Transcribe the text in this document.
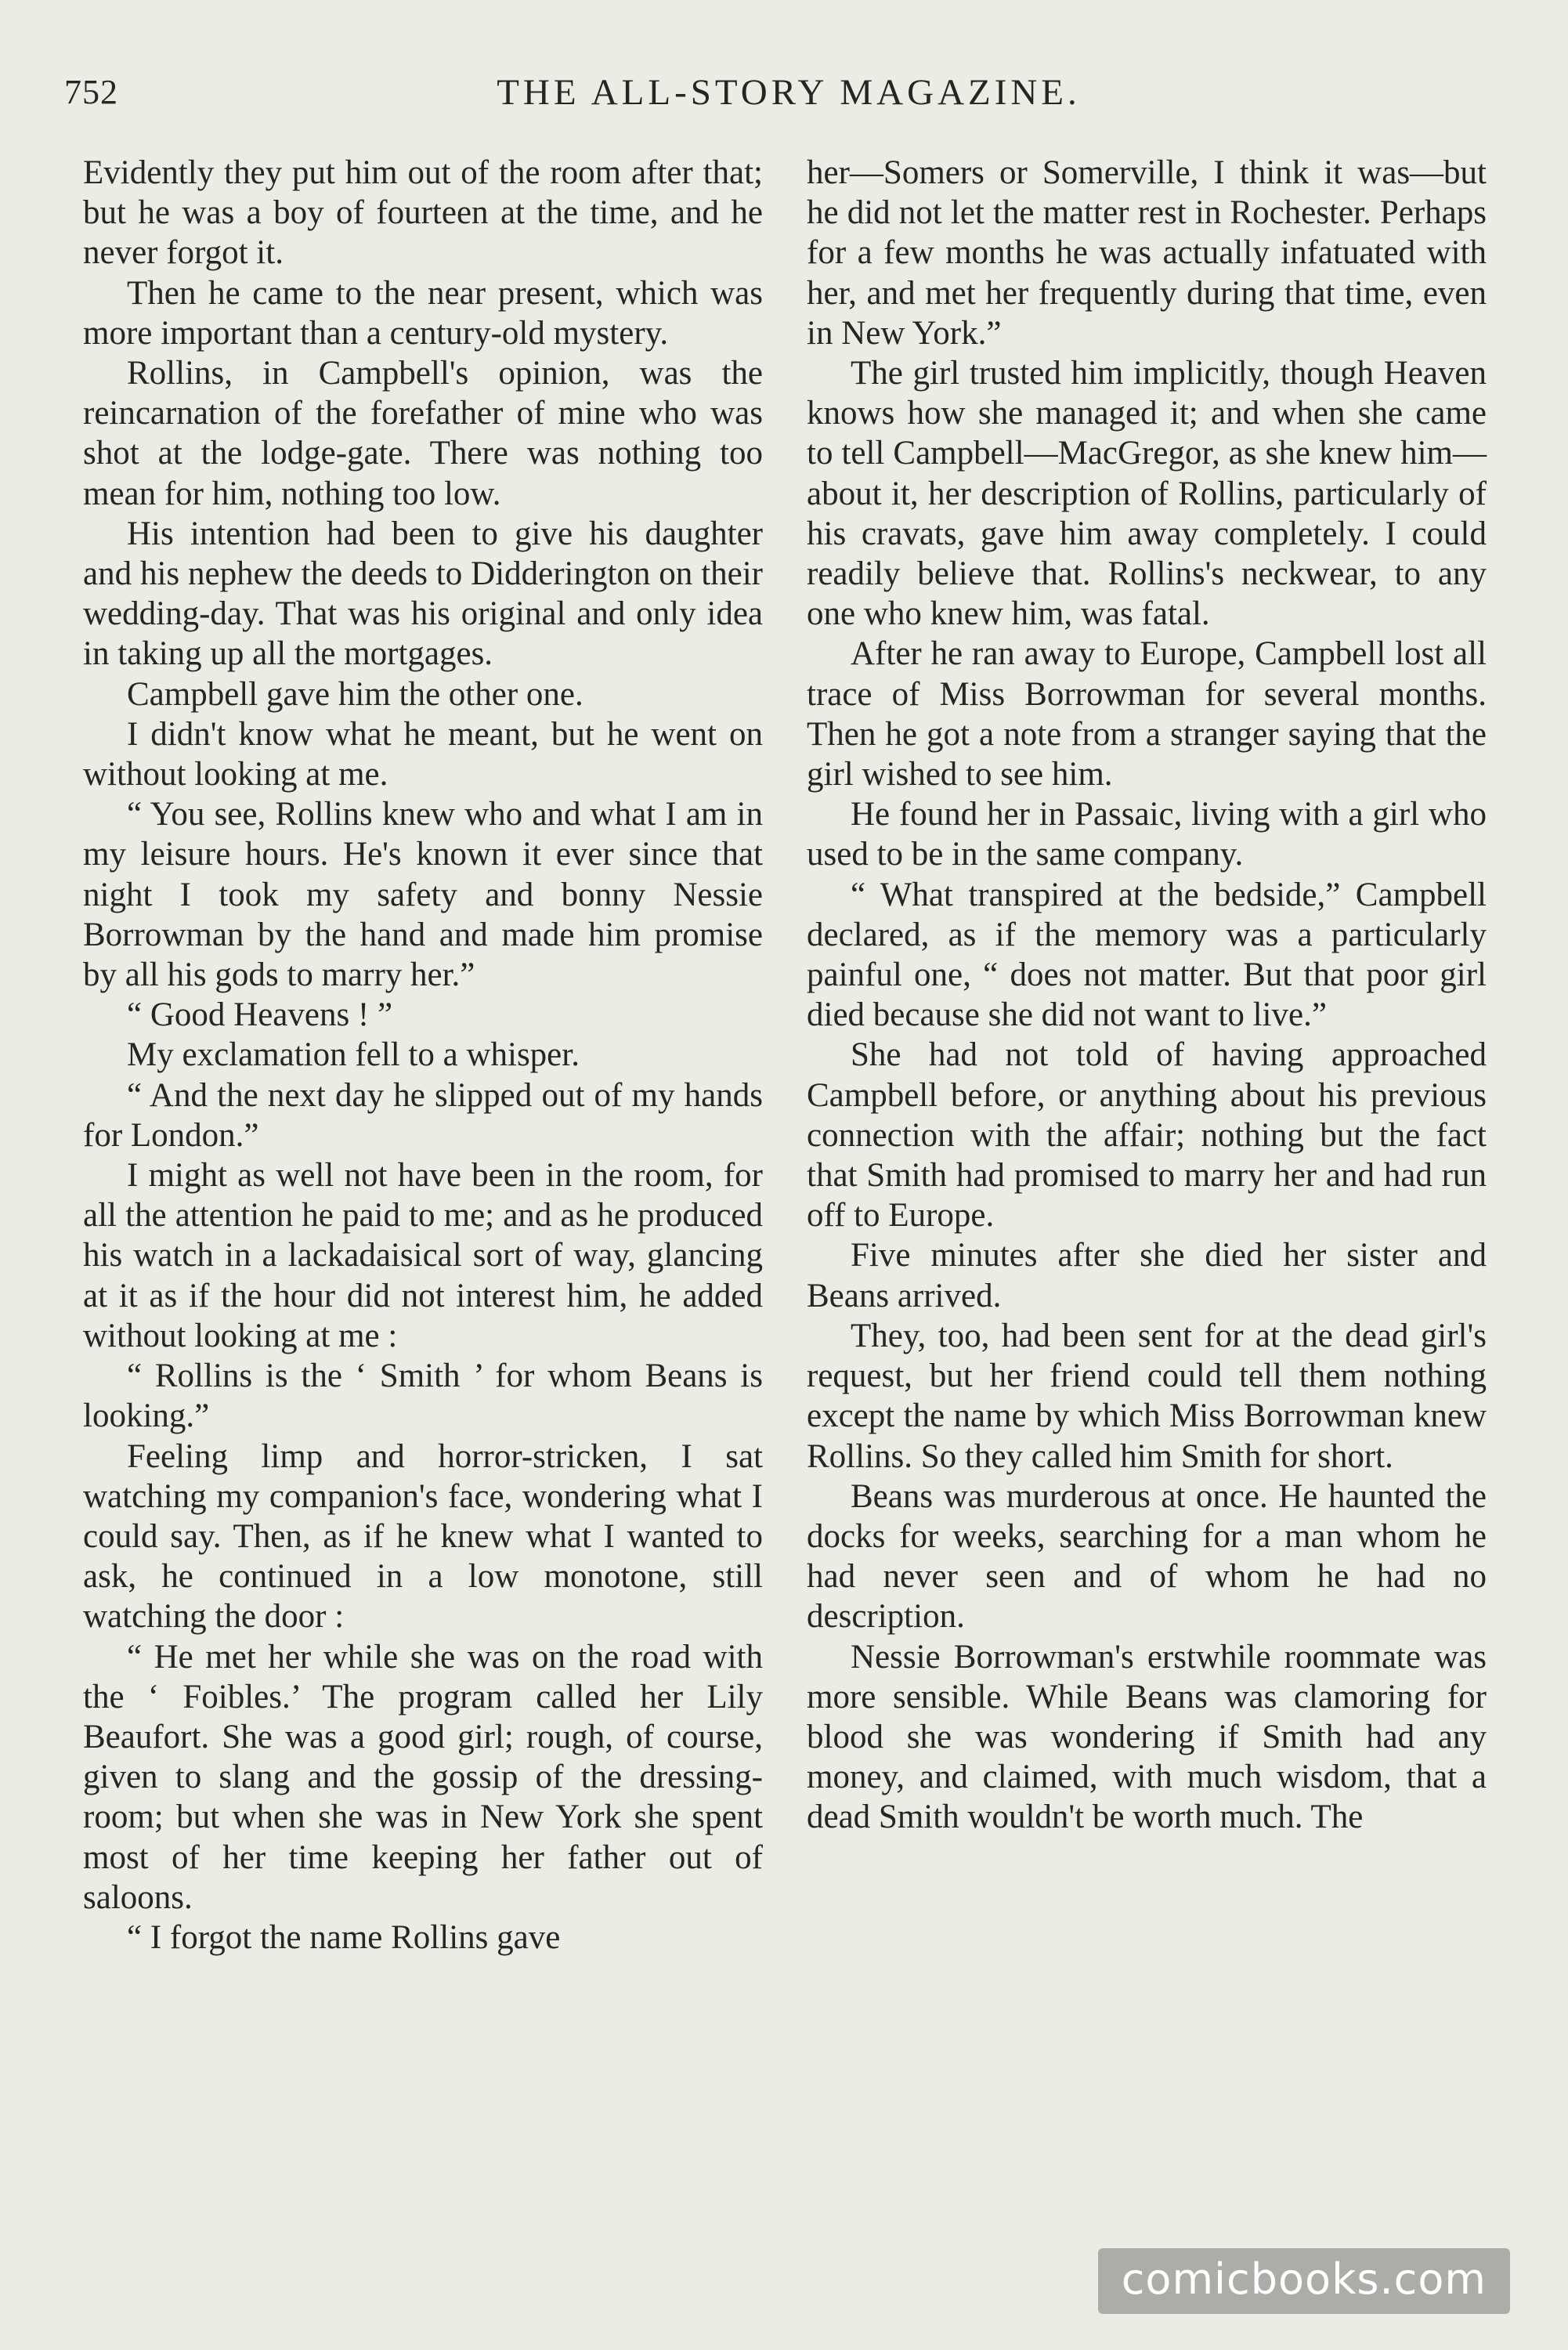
752	THE ALL-STORY MAGAZINE.

Evidently they put him out of the room after that; but he was a boy of fourteen at the time, and he never forgot it.

Then he came to the near present, which was more important than a century-old mystery.

Rollins, in Campbell's opinion, was the reincarnation of the forefather of mine who was shot at the lodge-gate. There was nothing too mean for him, nothing too low.

His intention had been to give his daughter and his nephew the deeds to Didderington on their wedding-day. That was his original and only idea in taking up all the mortgages.

Campbell gave him the other one.

I didn't know what he meant, but he went on without looking at me.

“ You see, Rollins knew who and what I am in my leisure hours. He's known it ever since that night I took my safety and bonny Nessie Borrowman by the hand and made him promise by all his gods to marry her.”

“ Good Heavens ! ”

My exclamation fell to a whisper.

“ And the next day he slipped out of my hands for London.”

I might as well not have been in the room, for all the attention he paid to me; and as he produced his watch in a lackadaisical sort of way, glancing at it as if the hour did not interest him, he added without looking at me :

“ Rollins is the ‘ Smith ’ for whom Beans is looking.”

Feeling limp and horror-stricken, I sat watching my companion's face, wondering what I could say. Then, as if he knew what I wanted to ask, he continued in a low monotone, still watching the door :

“ He met her while she was on the road with the ‘ Foibles.’ The program called her Lily Beaufort. She was a good girl; rough, of course, given to slang and the gossip of the dressing-room; but when she was in New York she spent most of her time keeping her father out of saloons.

“ I forgot the name Rollins gave

her—Somers or Somerville, I think it was—but he did not let the matter rest in Rochester. Perhaps for a few months he was actually infatuated with her, and met her frequently during that time, even in New York.”

The girl trusted him implicitly, though Heaven knows how she managed it; and when she came to tell Campbell—MacGregor, as she knew him—about it, her description of Rollins, particularly of his cravats, gave him away completely. I could readily believe that. Rollins's neckwear, to any one who knew him, was fatal.

After he ran away to Europe, Campbell lost all trace of Miss Borrowman for several months. Then he got a note from a stranger saying that the girl wished to see him.

He found her in Passaic, living with a girl who used to be in the same company.

“ What transpired at the bedside,” Campbell declared, as if the memory was a particularly painful one, “ does not matter. But that poor girl died because she did not want to live.”

She had not told of having approached Campbell before, or anything about his previous connection with the affair; nothing but the fact that Smith had promised to marry her and had run off to Europe.

Five minutes after she died her sister and Beans arrived.

They, too, had been sent for at the dead girl's request, but her friend could tell them nothing except the name by which Miss Borrowman knew Rollins. So they called him Smith for short.

Beans was murderous at once. He haunted the docks for weeks, searching for a man whom he had never seen and of whom he had no description.

Nessie Borrowman's erstwhile roommate was more sensible. While Beans was clamoring for blood she was wondering if Smith had any money, and claimed, with much wisdom, that a dead Smith wouldn't be worth much. The

comicbooks.com
